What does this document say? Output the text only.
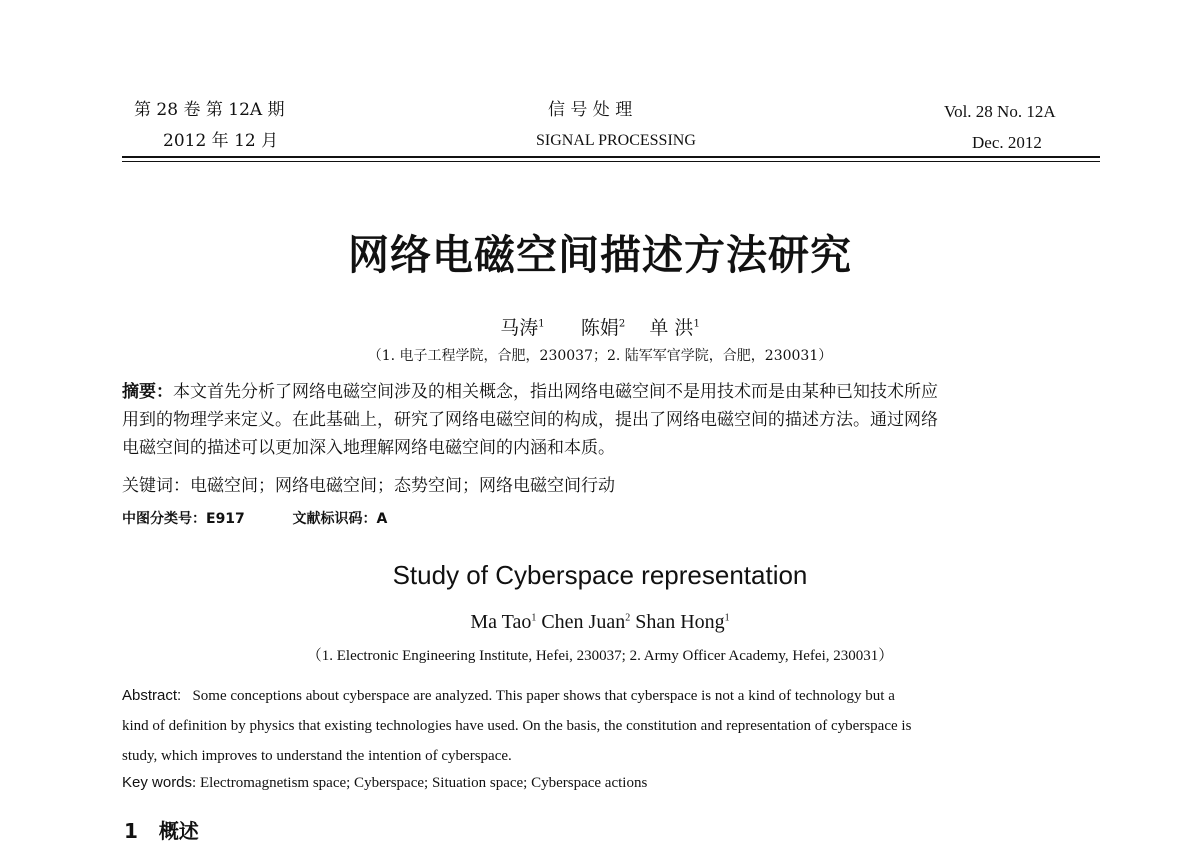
第 28 卷 第 12A 期
2012 年 12 月
信 号 处 理
SIGNAL PROCESSING
Vol. 28 No. 12A
Dec. 2012
网络电磁空间描述方法研究
马涛$^1$ 陈娟$^2$ 单 洪$^1$
（1. 电子工程学院，合肥，230037；2. 陆军军官学院，合肥，230031）
摘要：本文首先分析了网络电磁空间涉及的相关概念，指出网络电磁空间不是用技术而是由某种已知技术所应
用到的物理学来定义。在此基础上，研究了网络电磁空间的构成，提出了网络电磁空间的描述方法。通过网络
电磁空间的描述可以更加深入地理解网络电磁空间的内涵和本质。
关键词：电磁空间；网络电磁空间；态势空间；网络电磁空间行动
中图分类号：E917	文献标识码：A
Study of Cyberspace representation
Ma Tao$^1$ Chen Juan$^2$ Shan Hong$^1$
（1. Electronic Engineering Institute, Hefei, 230037; 2. Army Officer Academy, Hefei, 230031）
Abstract: Some conceptions about cyberspace are analyzed. This paper shows that cyberspace is not a kind of technology but a
kind of definition by physics that existing technologies have used. On the basis, the constitution and representation of cyberspace is
study, which improves to understand the intention of cyberspace.
Key words: Electromagnetism space; Cyberspace; Situation space; Cyberspace actions
1 概述
